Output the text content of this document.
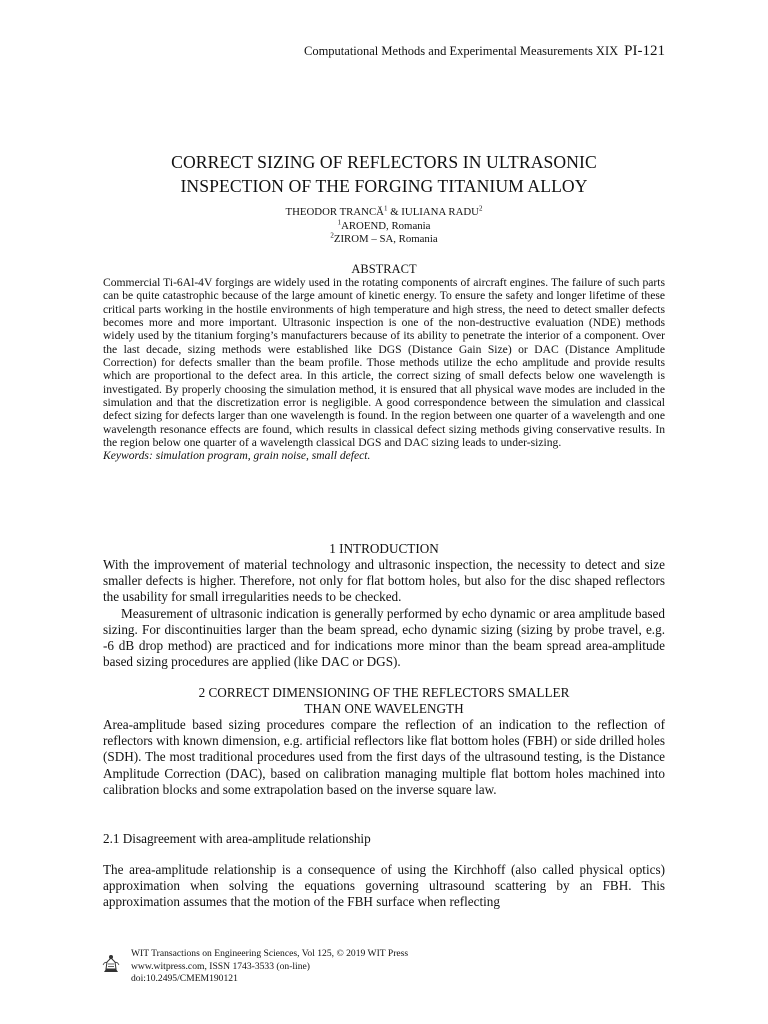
Computational Methods and Experimental Measurements XIX PI-121
CORRECT SIZING OF REFLECTORS IN ULTRASONIC
INSPECTION OF THE FORGING TITANIUM ALLOY
THEODOR TRANCĂ$^1$ & IULIANA RADU$^2$
$^1$AROEND, Romania
$^2$ZIROM – SA, Romania
ABSTRACT
Commercial Ti-6Al-4V forgings are widely used in the rotating components of aircraft engines. The failure of such parts can be quite catastrophic because of the large amount of kinetic energy. To ensure the safety and longer lifetime of these critical parts working in the hostile environments of high temperature and high stress, the need to detect smaller defects becomes more and more important. Ultrasonic inspection is one of the non-destructive evaluation (NDE) methods widely used by the titanium forging’s manufacturers because of its ability to penetrate the interior of a component. Over the last decade, sizing methods were established like DGS (Distance Gain Size) or DAC (Distance Amplitude Correction) for defects smaller than the beam profile. Those methods utilize the echo amplitude and provide results which are proportional to the defect area. In this article, the correct sizing of small defects below one wavelength is investigated. By properly choosing the simulation method, it is ensured that all physical wave modes are included in the simulation and that the discretization error is negligible. A good correspondence between the simulation and classical defect sizing for defects larger than one wavelength is found. In the region between one quarter of a wavelength and one wavelength resonance effects are found, which results in classical defect sizing methods giving conservative results. In the region below one quarter of a wavelength classical DGS and DAC sizing leads to under-sizing.
Keywords: simulation program, grain noise, small defect.
1 INTRODUCTION

With the improvement of material technology and ultrasonic inspection, the necessity to detect and size smaller defects is higher. Therefore, not only for flat bottom holes, but also for the disc shaped reflectors the usability for small irregularities needs to be checked.

Measurement of ultrasonic indication is generally performed by echo dynamic or area amplitude based sizing. For discontinuities larger than the beam spread, echo dynamic sizing (sizing by probe travel, e.g. -6 dB drop method) are practiced and for indications more minor than the beam spread area-amplitude based sizing procedures are applied (like DAC or DGS).

2 CORRECT DIMENSIONING OF THE REFLECTORS SMALLER
THAN ONE WAVELENGTH

Area-amplitude based sizing procedures compare the reflection of an indication to the reflection of reflectors with known dimension, e.g. artificial reflectors like flat bottom holes (FBH) or side drilled holes (SDH). The most traditional procedures used from the first days of the ultrasound testing, is the Distance Amplitude Correction (DAC), based on calibration managing multiple flat bottom holes machined into calibration blocks and some extrapolation based on the inverse square law.

2.1 Disagreement with area-amplitude relationship

The area-amplitude relationship is a consequence of using the Kirchhoff (also called physical optics) approximation when solving the equations governing ultrasound scattering by an FBH. This approximation assumes that the motion of the FBH surface when reflecting

WIT Transactions on Engineering Sciences, Vol 125, © 2019 WIT Press
www.witpress.com, ISSN 1743-3533 (on-line)
doi:10.2495/CMEM190121
